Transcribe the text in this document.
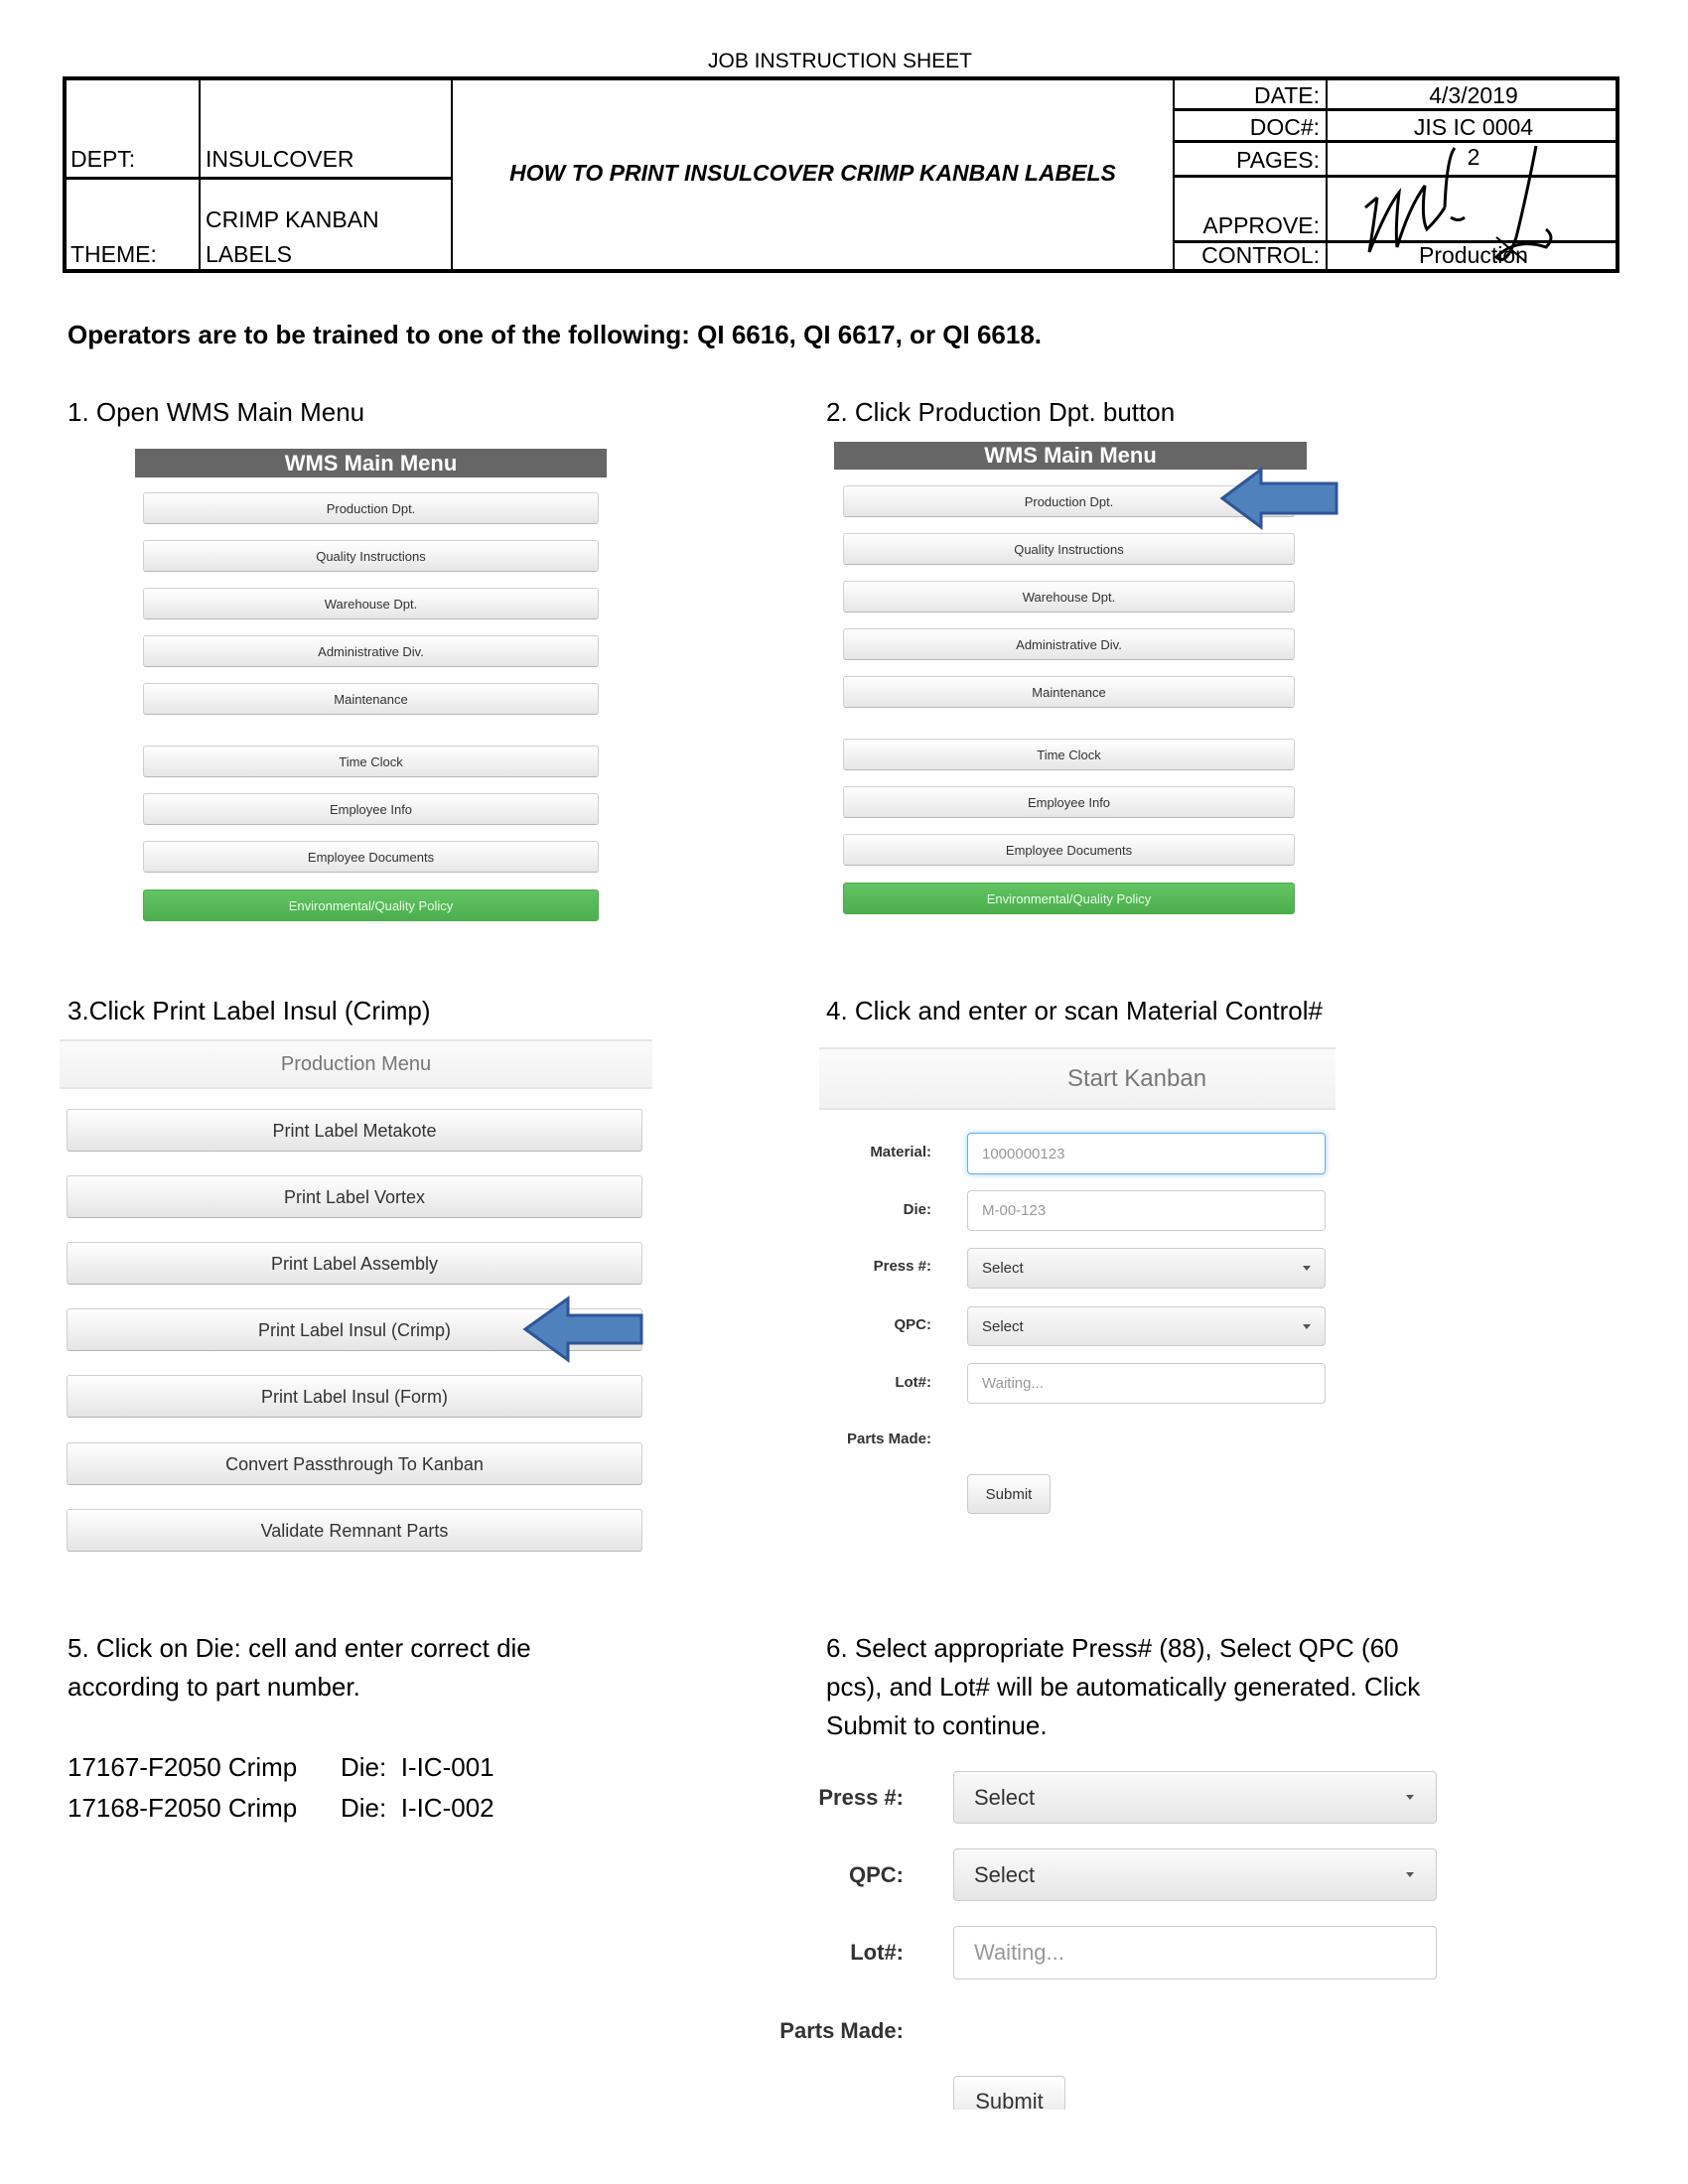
JOB INSTRUCTION SHEET
DEPT:	INSULCOVER
THEME:
CRIMP KANBAN
LABELS
HOW TO PRINT INSULCOVER CRIMP KANBAN LABELS
DATE:	4/3/2019
DOC#:	JIS IC 0004
PAGES:	2
APPROVE:
CONTROL:	Production
Operators are to be trained to one of the following: QI 6616, QI 6617, or QI 6618.
1. Open WMS Main Menu
WMS Main Menu
Production Dpt.
Quality Instructions
Warehouse Dpt.
Administrative Div.
Maintenance
Time Clock
Employee Info
Employee Documents
Environmental/Quality Policy
2. Click Production Dpt. button
WMS Main Menu
Production Dpt.
Quality Instructions
Warehouse Dpt.
Administrative Div.
Maintenance
Time Clock
Employee Info
Employee Documents
Environmental/Quality Policy
3.Click Print Label Insul (Crimp)
Production Menu
Print Label Metakote
Print Label Vortex
Print Label Assembly
Print Label Insul (Crimp)
Print Label Insul (Form)
Convert Passthrough To Kanban
Validate Remnant Parts
4. Click and enter or scan Material Control#
Start Kanban
Material:	1000000123
Die:	M-00-123
Press #:	Select
QPC:	Select
Lot#:	Waiting...
Parts Made:
Submit
5. Click on Die: cell and enter correct die
according to part number.
17167-F2050 Crimp Die: I-IC-001
17168-F2050 Crimp Die: I-IC-002
6. Select appropriate Press# (88), Select QPC (60
pcs), and Lot# will be automatically generated. Click
Submit to continue.
Press #:	Select
QPC:	Select
Lot#:	Waiting...
Parts Made:
Submit
